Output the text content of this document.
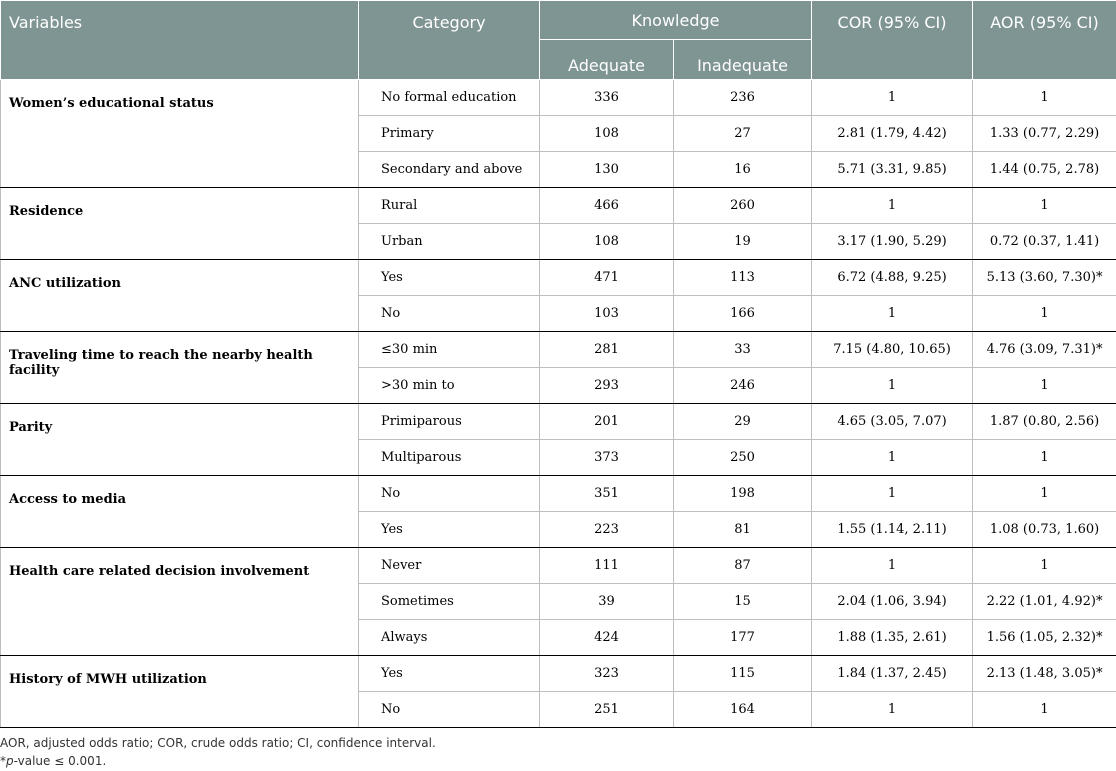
Variables	Category	Knowledge		COR (95% CI)	AOR (95% CI)
		Adequate	Inadequate		
Women’s educational status	No formal education	336	236	1	1
	Primary	108	27	2.81 (1.79, 4.42)	1.33 (0.77, 2.29)
	Secondary and above	130	16	5.71 (3.31, 9.85)	1.44 (0.75, 2.78)
Residence	Rural	466	260	1	1
	Urban	108	19	3.17 (1.90, 5.29)	0.72 (0.37, 1.41)
ANC utilization	Yes	471	113	6.72 (4.88, 9.25)	5.13 (3.60, 7.30)*
	No	103	166	1	1
Traveling time to reach the nearby health facility	≤30 min	281	33	7.15 (4.80, 10.65)	4.76 (3.09, 7.31)*
	>30 min to	293	246	1	1
Parity	Primiparous	201	29	4.65 (3.05, 7.07)	1.87 (0.80, 2.56)
	Multiparous	373	250	1	1
Access to media	No	351	198	1	1
	Yes	223	81	1.55 (1.14, 2.11)	1.08 (0.73, 1.60)
Health care related decision involvement	Never	111	87	1	1
	Sometimes	39	15	2.04 (1.06, 3.94)	2.22 (1.01, 4.92)*
	Always	424	177	1.88 (1.35, 2.61)	1.56 (1.05, 2.32)*
History of MWH utilization	Yes	323	115	1.84 (1.37, 2.45)	2.13 (1.48, 3.05)*
	No	251	164	1	1
AOR, adjusted odds ratio; COR, crude odds ratio; CI, confidence interval.
*p-value ≤ 0.001.
